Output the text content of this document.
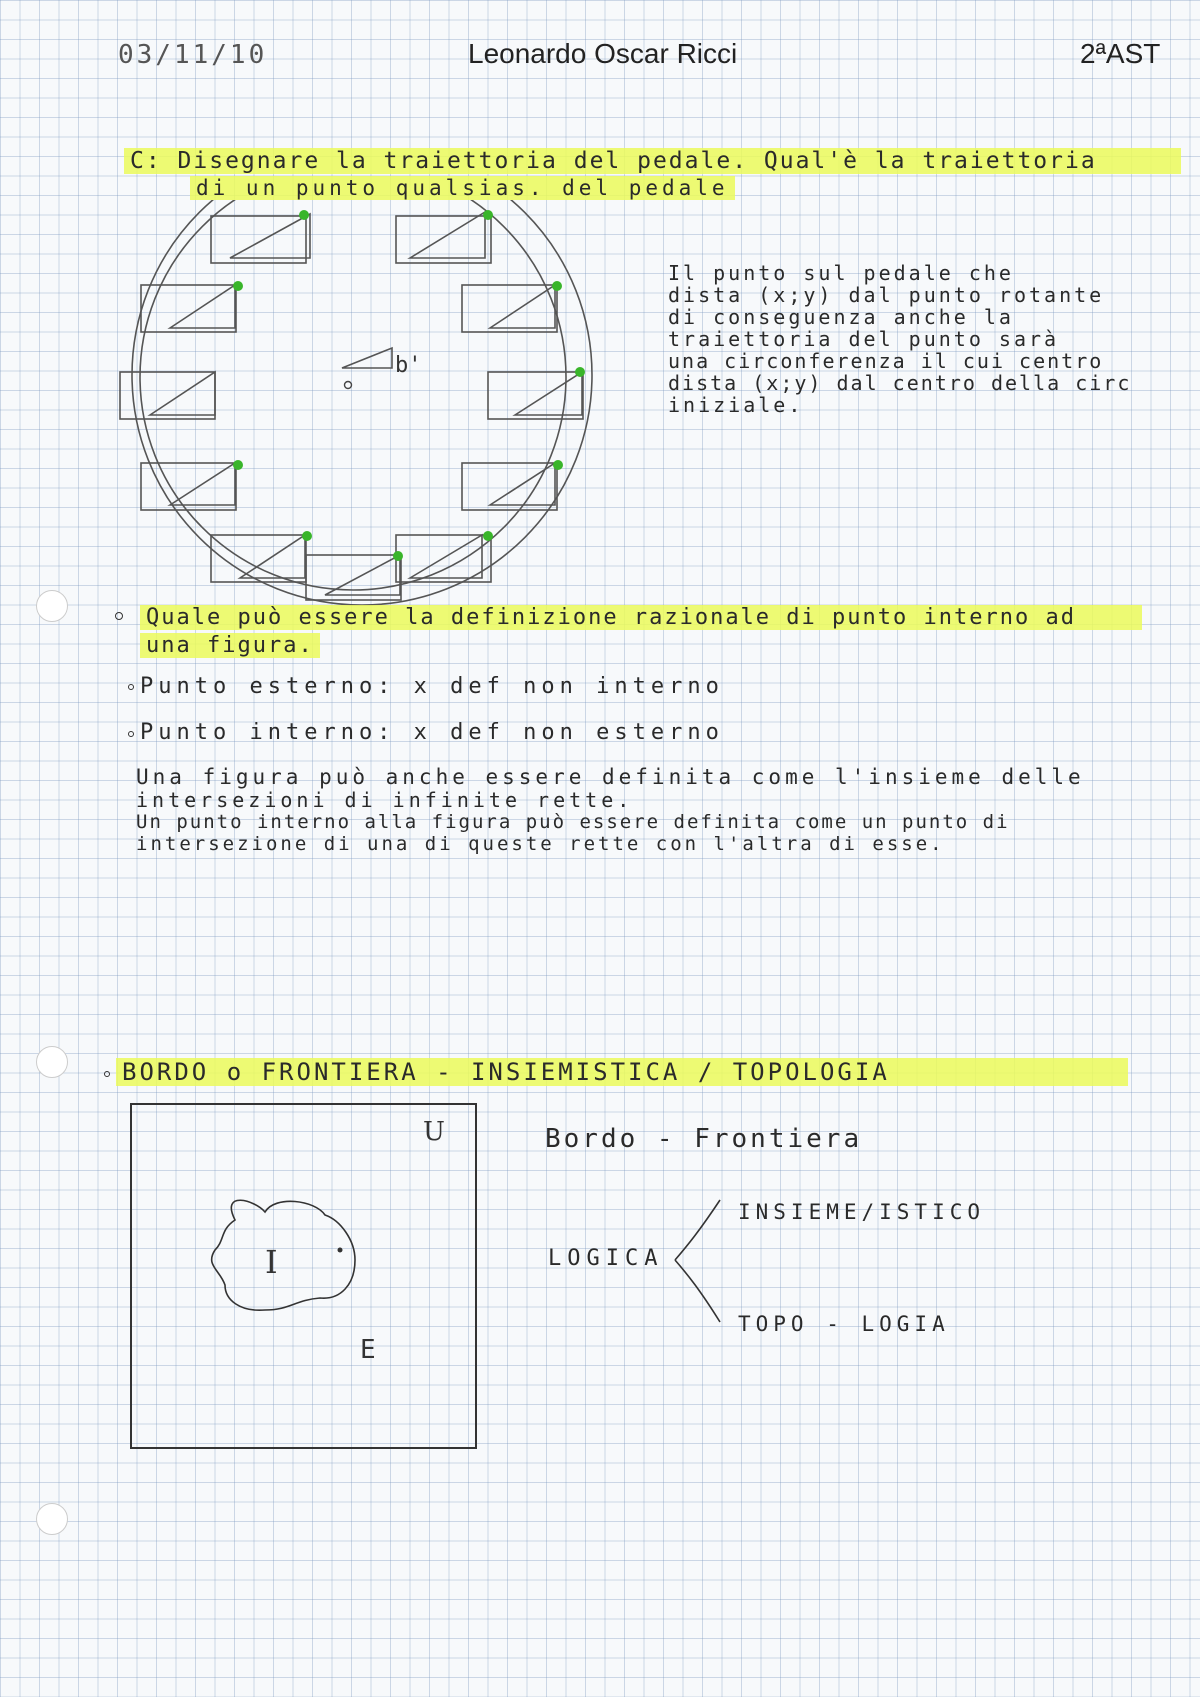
03/11/10	Leonardo Oscar Ricci	2ªAST
C: Disegnare la traiettoria del pedale. Qual'è la traiettoria
di un punto qualsias. del pedale
b'
Il punto sul pedale che
dista (x;y) dal punto rotante
di conseguenza anche la
traiettoria del punto sarà
una circonferenza il cui centro
dista (x;y) dal centro della circ
iniziale.
Quale può essere la definizione razionale di punto interno ad
una figura.
Punto esterno: x def non interno
Punto interno: x def non esterno
Una figura può anche essere definita come l'insieme delle
intersezioni di infinite rette.
Un punto interno alla figura può essere definita come un punto di
intersezione di una di queste rette con l'altra di esse.
BORDO o FRONTIERA - INSIEMISTICA / TOPOLOGIA
U
I
E
Bordo - Frontiera
LOGICA
INSIEME/ISTICO
TOPO - LOGIA
